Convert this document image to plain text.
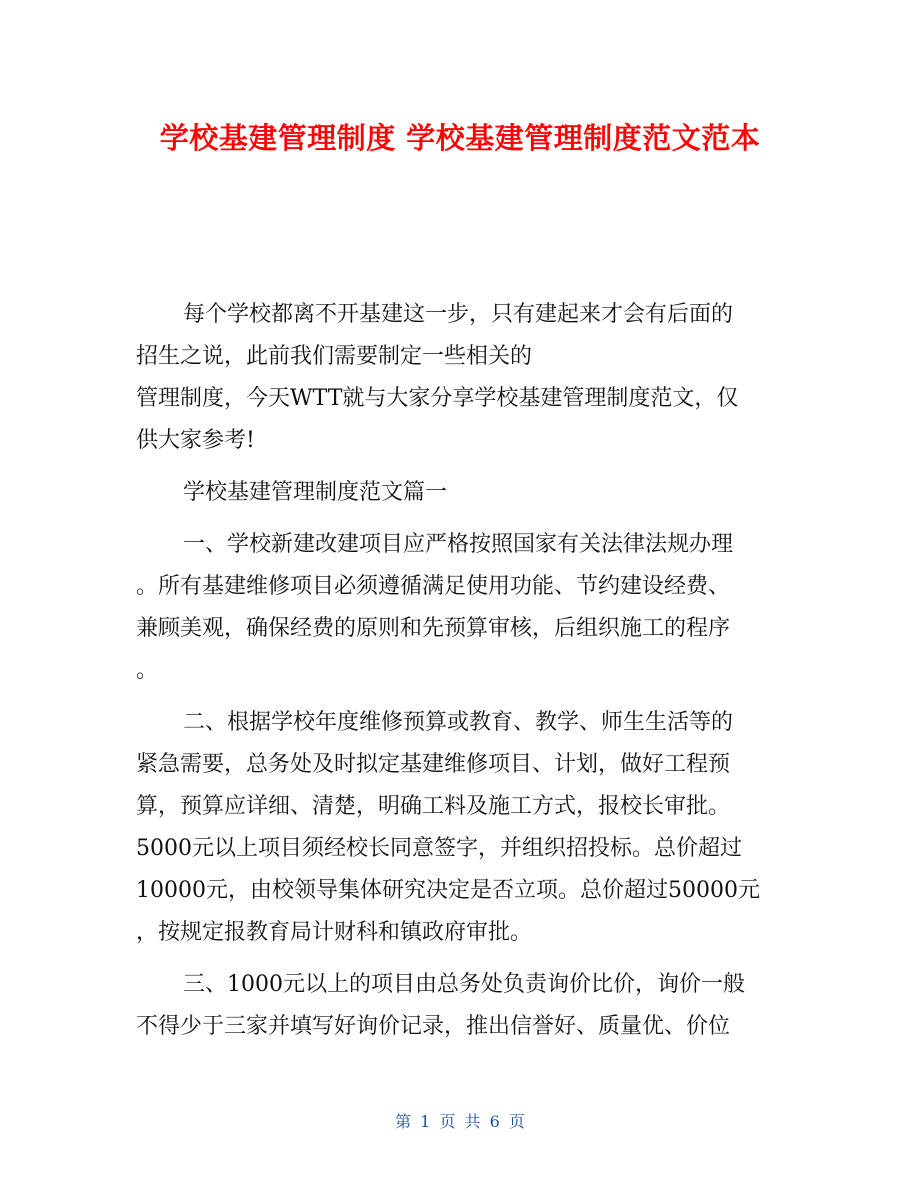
学校基建管理制度 学校基建管理制度范文范本
每个学校都离不开基建这一步，只有建起来才会有后面的
招生之说，此前我们需要制定一些相关的
管理制度，今天WTT就与大家分享学校基建管理制度范文，仅
供大家参考!
学校基建管理制度范文篇一
一、学校新建改建项目应严格按照国家有关法律法规办理
。所有基建维修项目必须遵循满足使用功能、节约建设经费、
兼顾美观，确保经费的原则和先预算审核，后组织施工的程序
。
二、根据学校年度维修预算或教育、教学、师生生活等的
紧急需要，总务处及时拟定基建维修项目、计划，做好工程预
算，预算应详细、清楚，明确工料及施工方式，报校长审批。
5000元以上项目须经校长同意签字，并组织招投标。总价超过
10000元，由校领导集体研究决定是否立项。总价超过50000元
，按规定报教育局计财科和镇政府审批。
三、1000元以上的项目由总务处负责询价比价，询价一般
不得少于三家并填写好询价记录，推出信誉好、质量优、价位
第 1 页 共 6 页
